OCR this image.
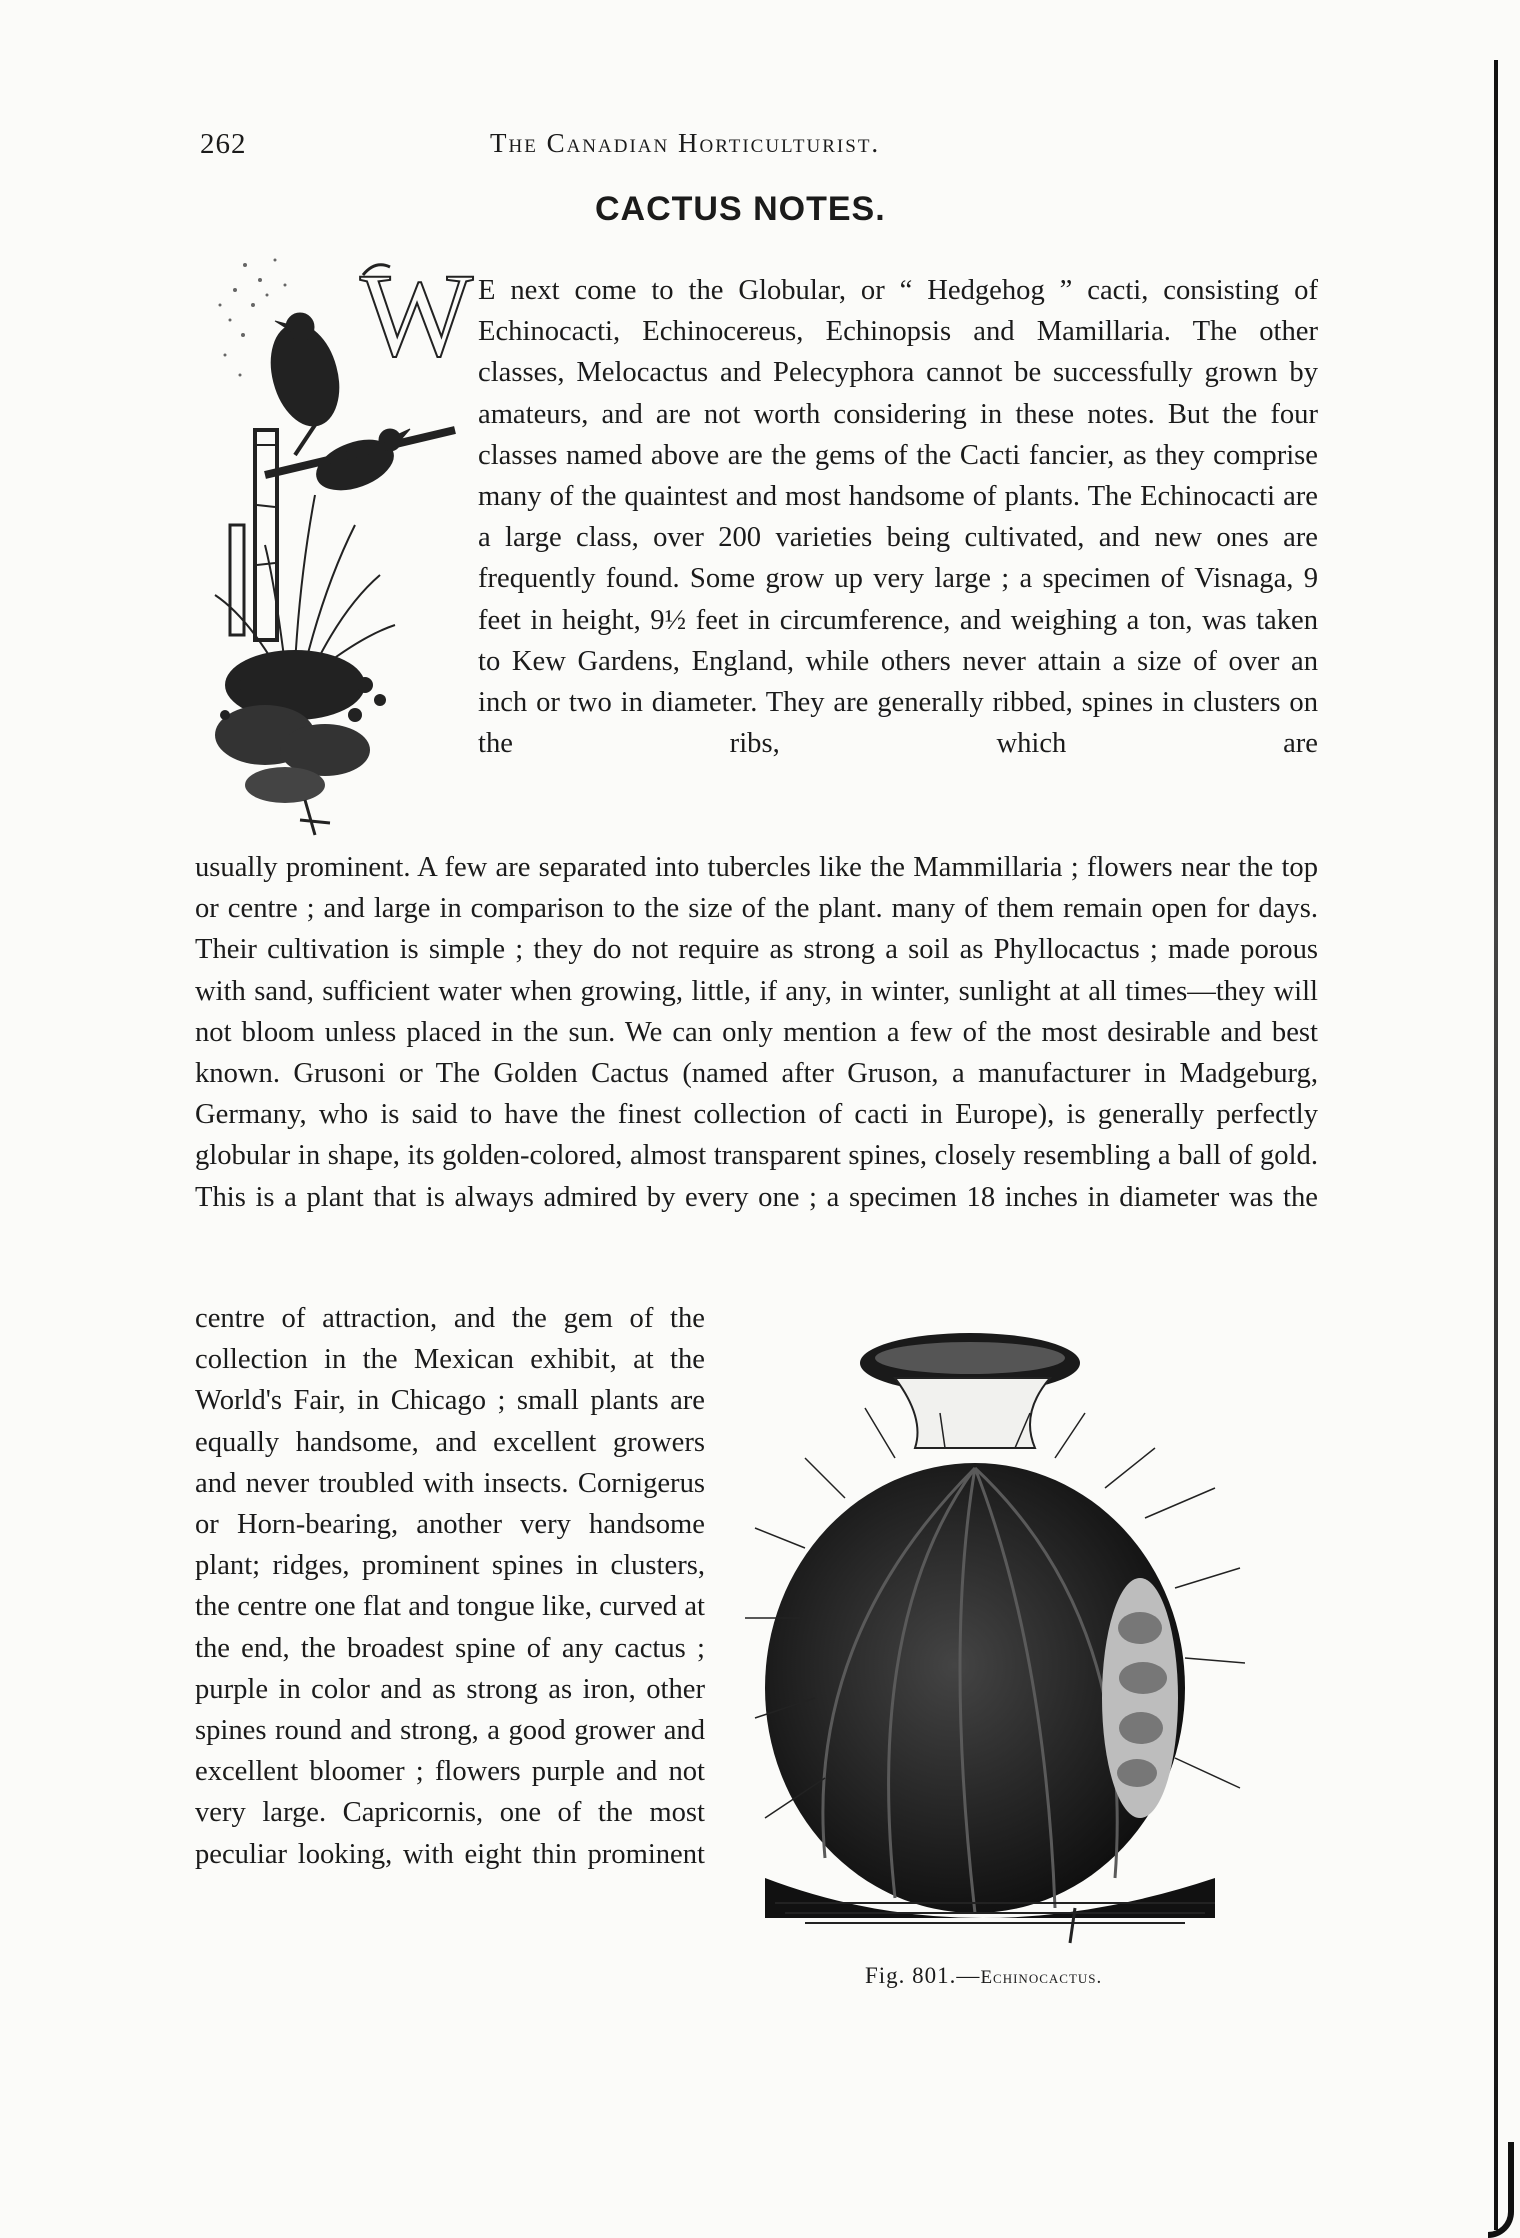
262	The Canadian Horticulturist.
CACTUS NOTES.
W E next come to the Globular, or “ Hedgehog ” cacti, consisting of Echinocacti, Echinocereus, Echinopsis and Mamillaria. The other classes, Melocactus and Pelecyphora cannot be successfully grown by amateurs, and are not worth considering in these notes. But the four classes named above are the gems of the Cacti fancier, as they comprise many of the quaintest and most handsome of plants. The Echinocacti are a large class, over 200 varieties being cultivated, and new ones are frequently found. Some grow up very large ; a specimen of Visnaga, 9 feet in height, 9½ feet in circumference, and weighing a ton, was taken to Kew Gardens, England, while others never attain a size of over an inch or two in diameter. They are generally ribbed, spines in clusters on the ribs, which are

usually prominent. A few are separated into tubercles like the Mammillaria ; flowers near the top or centre ; and large in comparison to the size of the plant. many of them remain open for days. Their cultivation is simple ; they do not require as strong a soil as Phyllocactus ; made porous with sand, sufficient water when growing, little, if any, in winter, sunlight at all times—they will not bloom unless placed in the sun. We can only mention a few of the most desirable and best known. Grusoni or The Golden Cactus (named after Gruson, a manufacturer in Madgeburg, Germany, who is said to have the finest collection of cacti in Europe), is generally perfectly globular in shape, its golden-colored, almost transparent spines, closely resembling a ball of gold. This is a plant that is always admired by every one ; a specimen 18 inches in diameter was the

centre of attraction, and the gem of the collection in the Mexican exhibit, at the World's Fair, in Chicago ; small plants are equally handsome, and excellent growers and never troubled with insects. Cornigerus or Horn-bearing, another very handsome plant; ridges, prominent spines in clusters, the centre one flat and tongue like, curved at the end, the broadest spine of any cactus ; purple in color and as strong as iron, other spines round and strong, a good grower and excellent bloomer ; flowers purple and not very large. Capricornis, one of the most peculiar looking, with eight thin prominent

Fig. 801.—Echinocactus.
